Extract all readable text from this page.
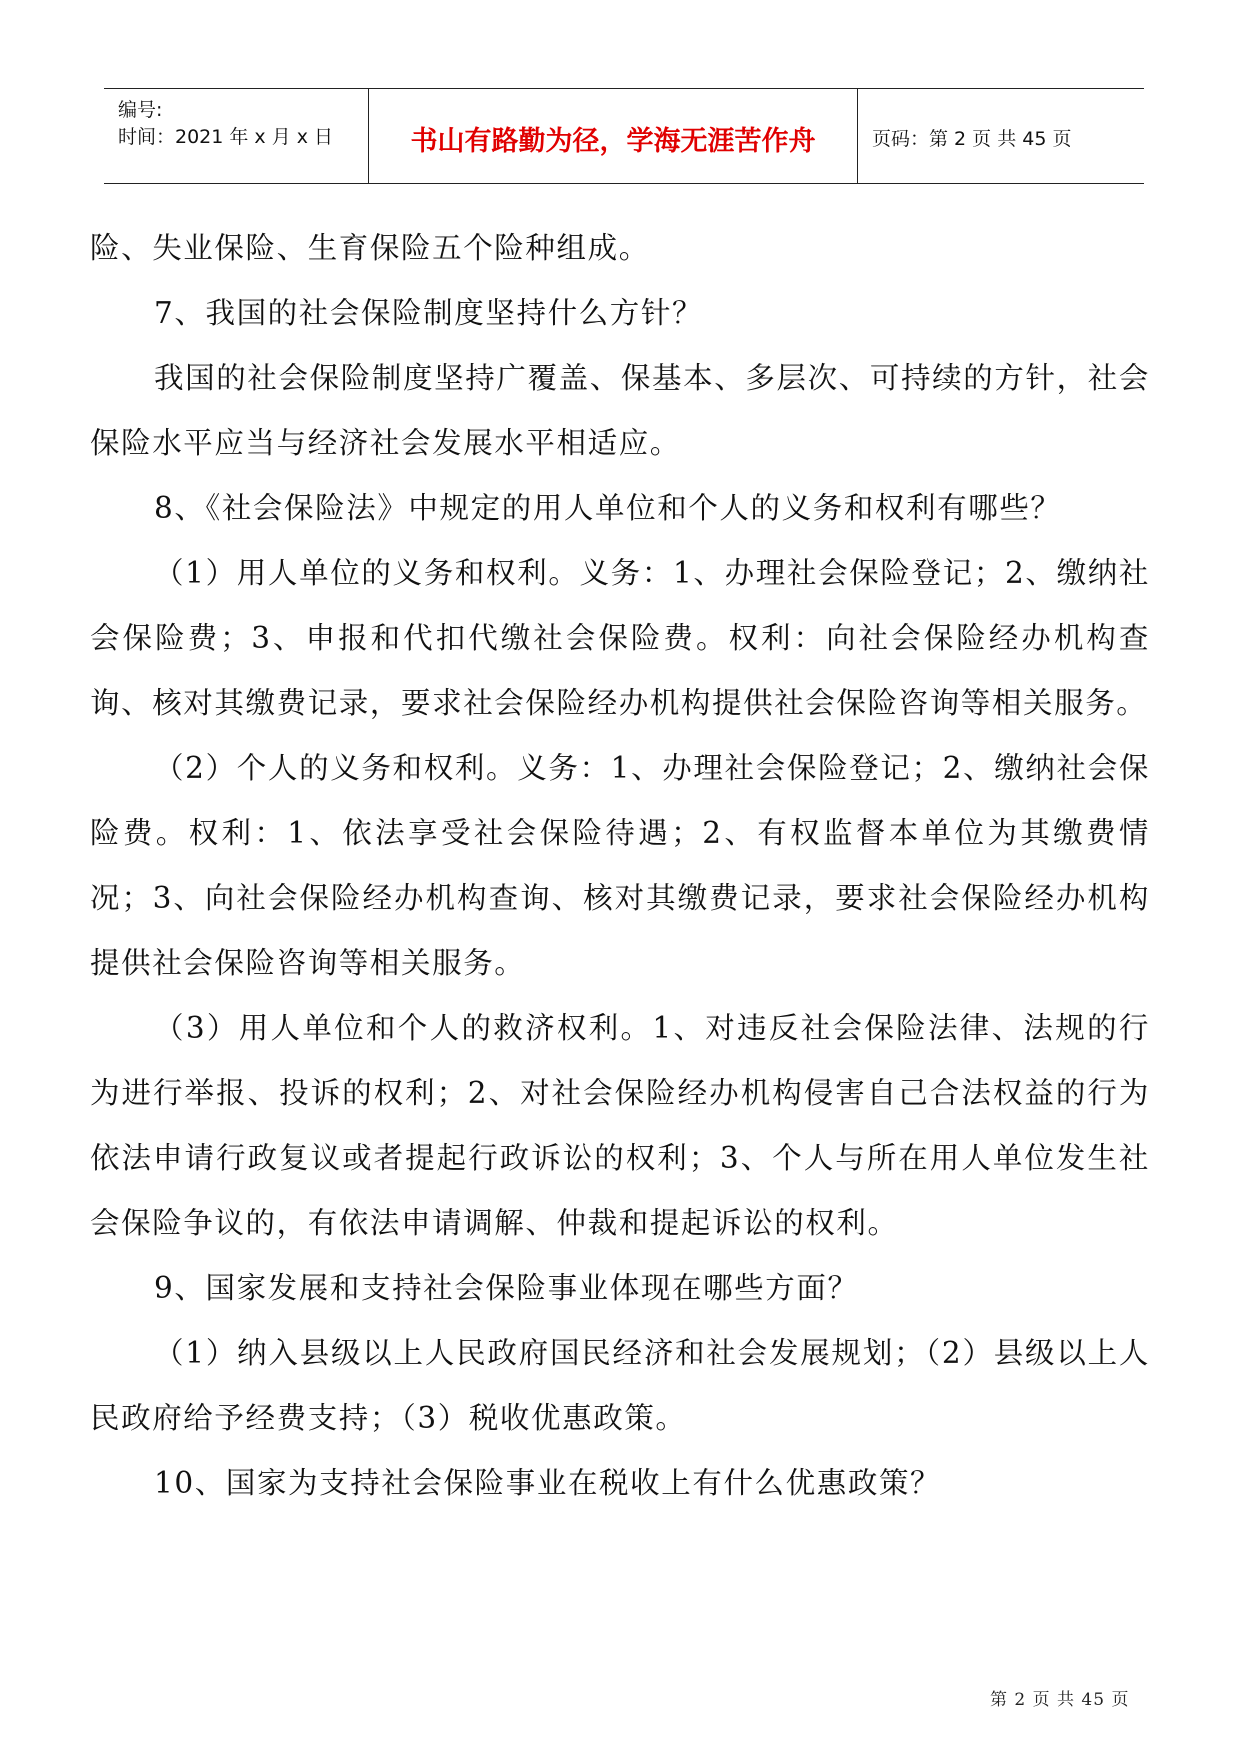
编号:
时间：2021 年 x 月 x 日	书山有路勤为径，学海无涯苦作舟	页码：第 2 页 共 45 页

险、失业保险、生育保险五个险种组成。

7、我国的社会保险制度坚持什么方针？

我国的社会保险制度坚持广覆盖、保基本、多层次、可持续的方针，社会保险水平应当与经济社会发展水平相适应。

8、《社会保险法》中规定的用人单位和个人的义务和权利有哪些？

（1）用人单位的义务和权利。义务：1、办理社会保险登记；2、缴纳社会保险费；3、申报和代扣代缴社会保险费。权利：向社会保险经办机构查询、核对其缴费记录，要求社会保险经办机构提供社会保险咨询等相关服务。

（2）个人的义务和权利。义务：1、办理社会保险登记；2、缴纳社会保险费。权利：1、依法享受社会保险待遇；2、有权监督本单位为其缴费情况；3、向社会保险经办机构查询、核对其缴费记录，要求社会保险经办机构提供社会保险咨询等相关服务。

（3）用人单位和个人的救济权利。1、对违反社会保险法律、法规的行为进行举报、投诉的权利；2、对社会保险经办机构侵害自己合法权益的行为依法申请行政复议或者提起行政诉讼的权利；3、个人与所在用人单位发生社会保险争议的，有依法申请调解、仲裁和提起诉讼的权利。

9、国家发展和支持社会保险事业体现在哪些方面？

（1）纳入县级以上人民政府国民经济和社会发展规划；（2）县级以上人民政府给予经费支持；（3）税收优惠政策。

10、国家为支持社会保险事业在税收上有什么优惠政策？

第 2 页 共 45 页
